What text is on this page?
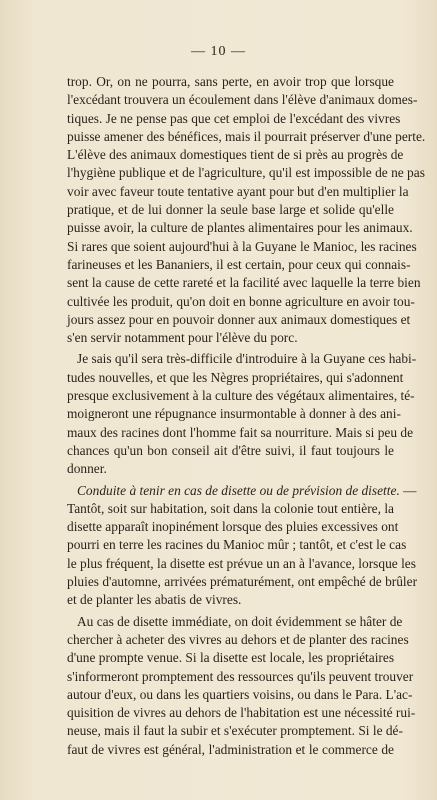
— 10 —
trop. Or, on ne pourra, sans perte, en avoir trop que lorsque
l'excédant trouvera un écoulement dans l'élève d'animaux domes-
tiques. Je ne pense pas que cet emploi de l'excédant des vivres
puisse amener des bénéfices, mais il pourrait préserver d'une perte.
L'élève des animaux domestiques tient de si près au progrès de
l'hygiène publique et de l'agriculture, qu'il est impossible de ne pas
voir avec faveur toute tentative ayant pour but d'en multiplier la
pratique, et de lui donner la seule base large et solide qu'elle
puisse avoir, la culture de plantes alimentaires pour les animaux.
Si rares que soient aujourd'hui à la Guyane le Manioc, les racines
farineuses et les Bananiers, il est certain, pour ceux qui connais-
sent la cause de cette rareté et la facilité avec laquelle la terre bien
cultivée les produit, qu'on doit en bonne agriculture en avoir tou-
jours assez pour en pouvoir donner aux animaux domestiques et
s'en servir notamment pour l'élève du porc.
Je sais qu'il sera très-difficile d'introduire à la Guyane ces habi-
tudes nouvelles, et que les Nègres propriétaires, qui s'adonnent
presque exclusivement à la culture des végétaux alimentaires, té-
moigneront une répugnance insurmontable à donner à des ani-
maux des racines dont l'homme fait sa nourriture. Mais si peu de
chances qu'un bon conseil ait d'être suivi, il faut toujours le
donner.
Conduite à tenir en cas de disette ou de prévision de disette. —
Tantôt, soit sur habitation, soit dans la colonie tout entière, la
disette apparaît inopinément lorsque des pluies excessives ont
pourri en terre les racines du Manioc mûr ; tantôt, et c'est le cas
le plus fréquent, la disette est prévue un an à l'avance, lorsque les
pluies d'automne, arrivées prématurément, ont empêché de brûler
et de planter les abatis de vivres.
Au cas de disette immédiate, on doit évidemment se hâter de
chercher à acheter des vivres au dehors et de planter des racines
d'une prompte venue. Si la disette est locale, les propriétaires
s'informeront promptement des ressources qu'ils peuvent trouver
autour d'eux, ou dans les quartiers voisins, ou dans le Para. L'ac-
quisition de vivres au dehors de l'habitation est une nécessité rui-
neuse, mais il faut la subir et s'exécuter promptement. Si le dé-
faut de vivres est général, l'administration et le commerce de
